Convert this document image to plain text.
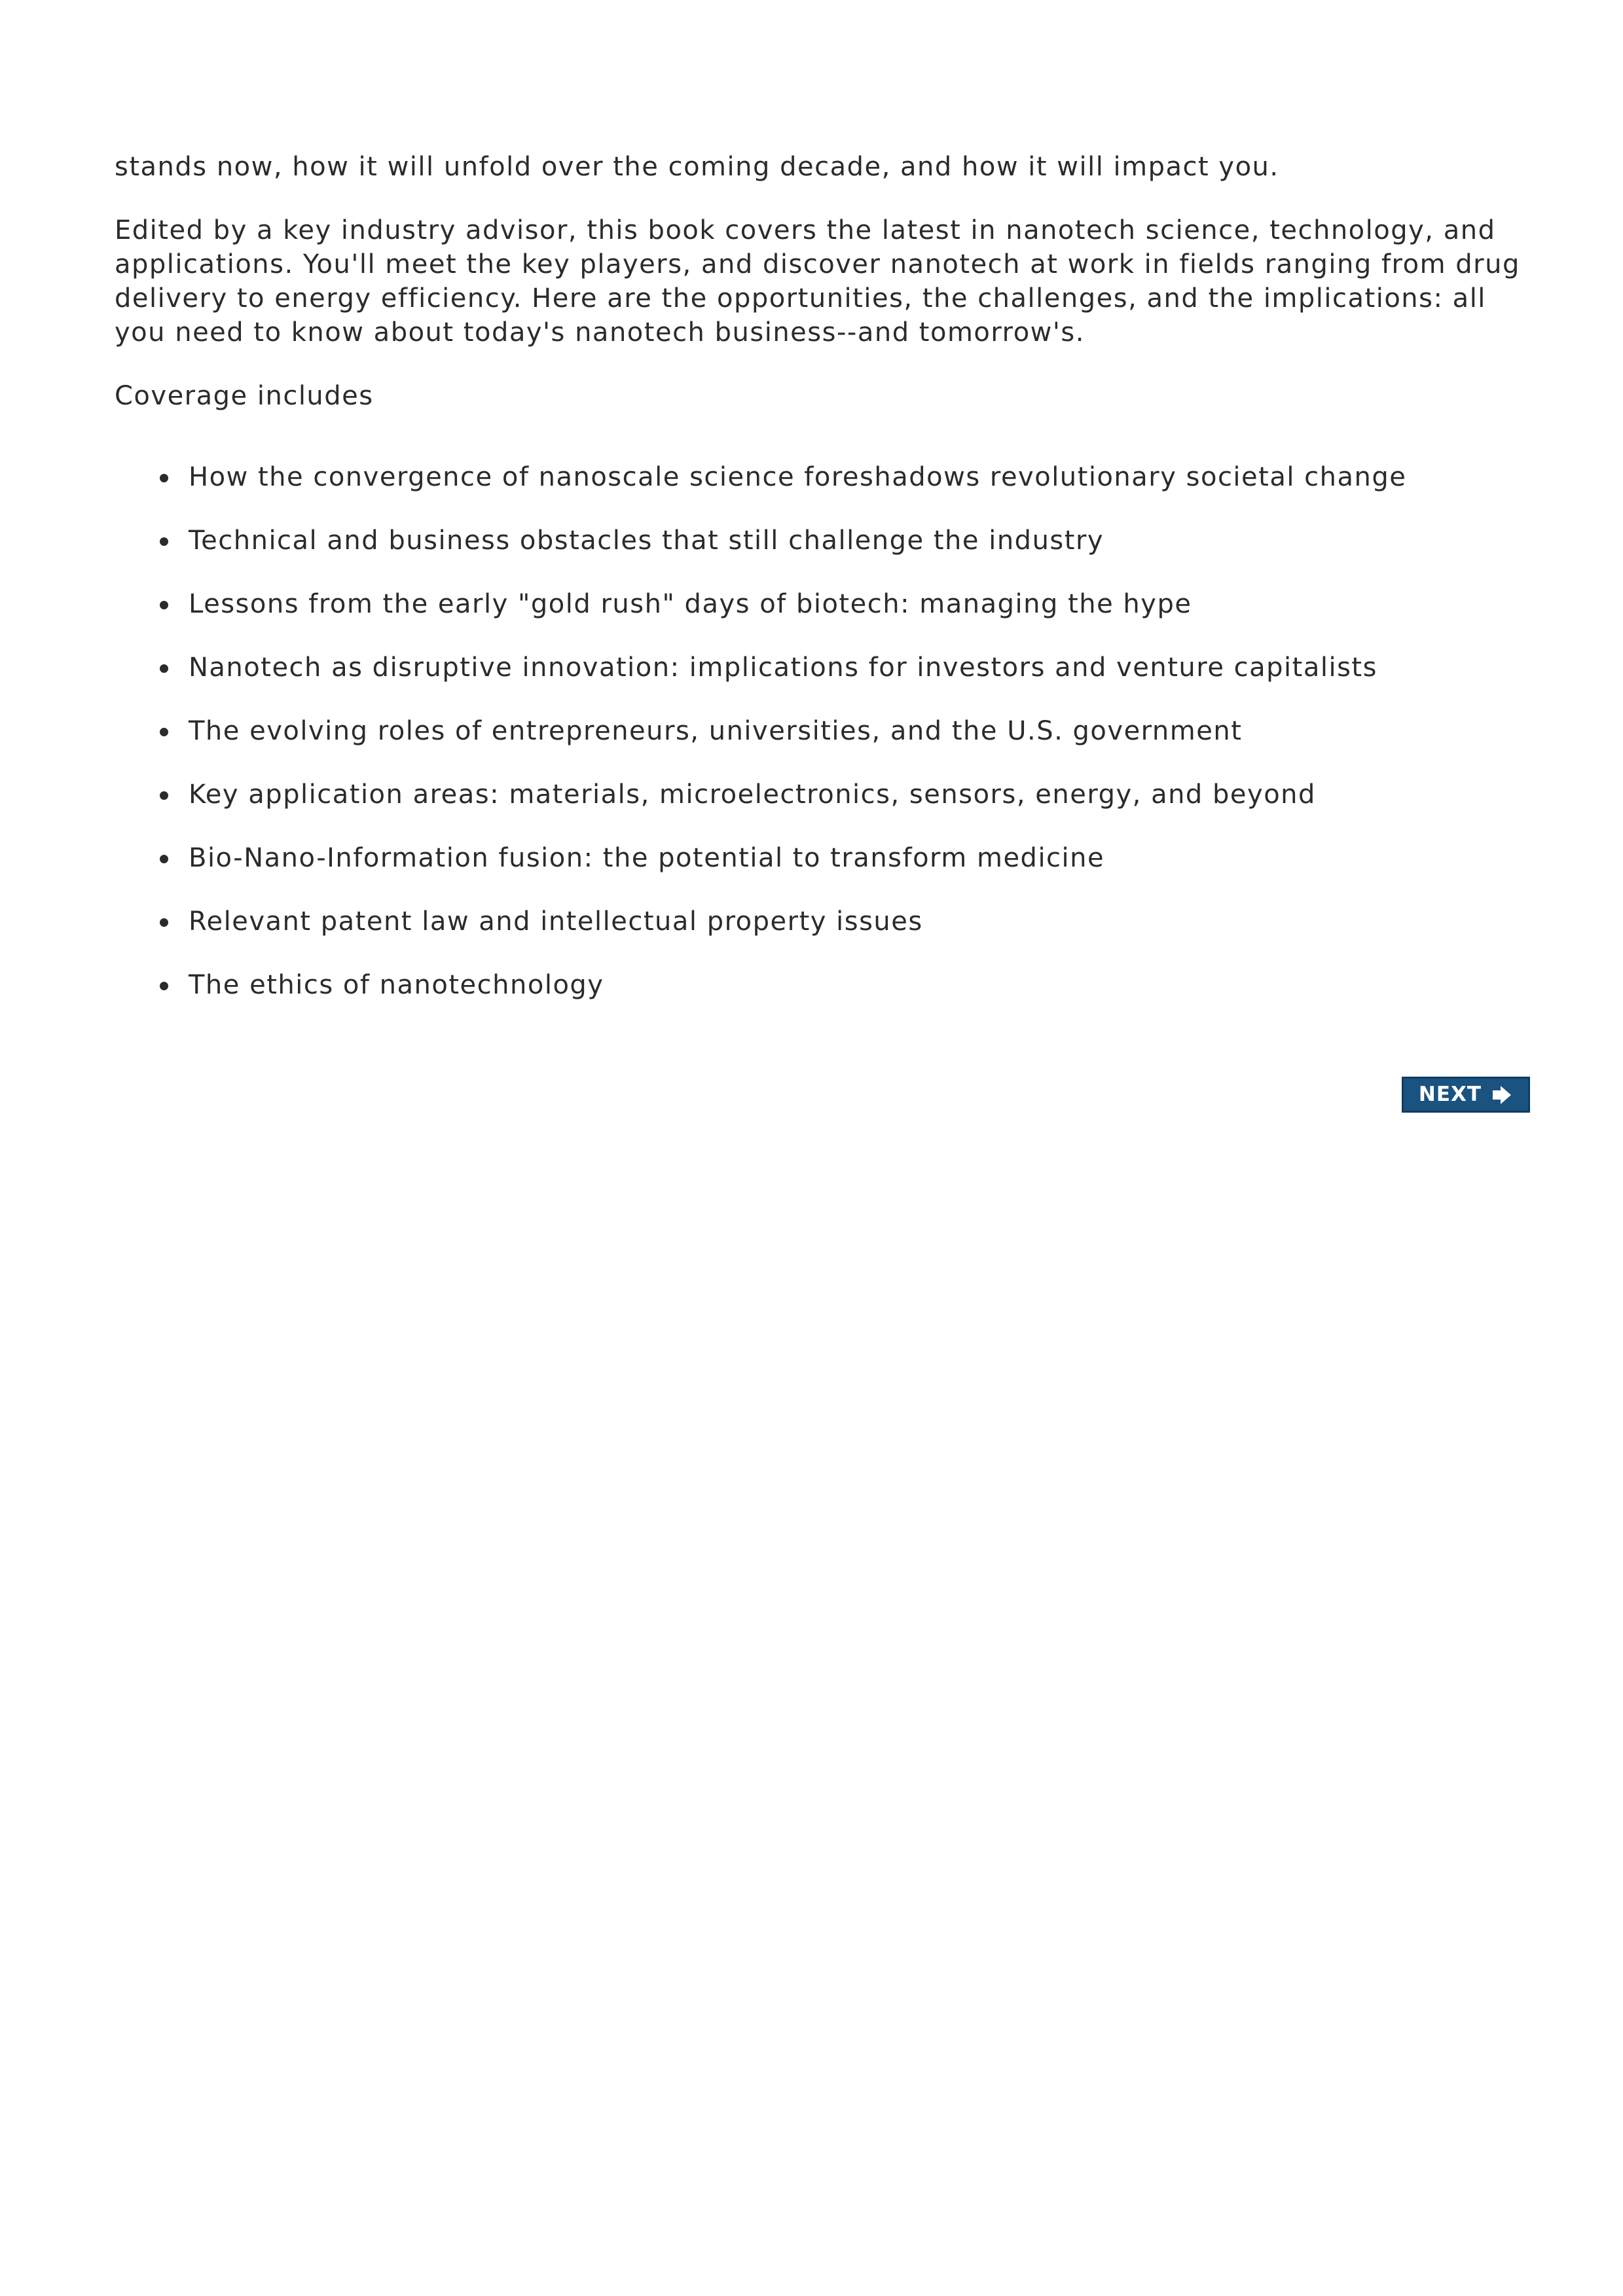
stands now, how it will unfold over the coming decade, and how it will impact you.

Edited by a key industry advisor, this book covers the latest in nanotech science, technology, and applications. You'll meet the key players, and discover nanotech at work in fields ranging from drug delivery to energy efficiency. Here are the opportunities, the challenges, and the implications: all you need to know about today's nanotech business--and tomorrow's.

Coverage includes

How the convergence of nanoscale science foreshadows revolutionary societal change
Technical and business obstacles that still challenge the industry
Lessons from the early "gold rush" days of biotech: managing the hype
Nanotech as disruptive innovation: implications for investors and venture capitalists
The evolving roles of entrepreneurs, universities, and the U.S. government
Key application areas: materials, microelectronics, sensors, energy, and beyond
Bio-Nano-Information fusion: the potential to transform medicine
Relevant patent law and intellectual property issues
The ethics of nanotechnology
NEXT
